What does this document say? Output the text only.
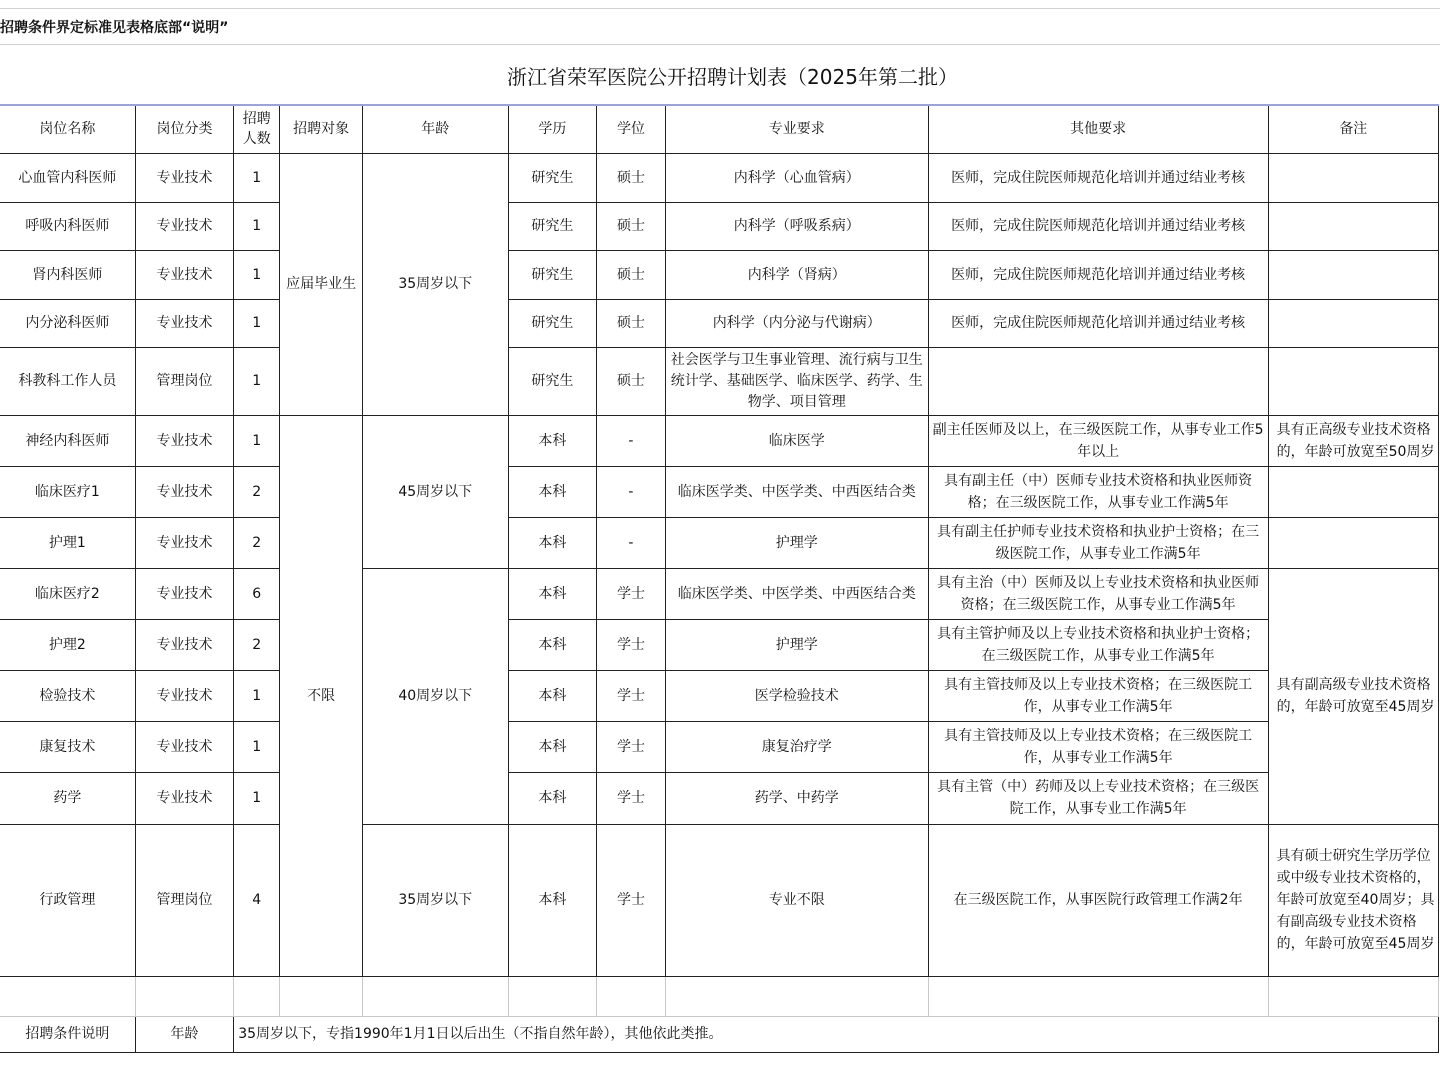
招聘条件界定标准见表格底部“说明”
浙江省荣军医院公开招聘计划表（2025年第二批）
岗位名称	岗位分类	招聘人数	招聘对象	年龄	学历	学位	专业要求	其他要求	备注
心血管内科医师	专业技术	1	应届毕业生	35周岁以下	研究生	硕士	内科学（心血管病）	医师，完成住院医师规范化培训并通过结业考核	
呼吸内科医师	专业技术	1			研究生	硕士	内科学（呼吸系病）	医师，完成住院医师规范化培训并通过结业考核	
肾内科医师	专业技术	1			研究生	硕士	内科学（肾病）	医师，完成住院医师规范化培训并通过结业考核	
内分泌科医师	专业技术	1			研究生	硕士	内科学（内分泌与代谢病）	医师，完成住院医师规范化培训并通过结业考核	
科教科工作人员	管理岗位	1			研究生	硕士	社会医学与卫生事业管理、流行病与卫生统计学、基础医学、临床医学、药学、生物学、项目管理		
神经内科医师	专业技术	1	不限	45周岁以下	本科	-	临床医学	副主任医师及以上，在三级医院工作，从事专业工作5年以上	具有正高级专业技术资格的，年龄可放宽至50周岁
临床医疗1	专业技术	2			本科	-	临床医学类、中医学类、中西医结合类	具有副主任（中）医师专业技术资格和执业医师资格；在三级医院工作，从事专业工作满5年	
护理1	专业技术	2			本科	-	护理学	具有副主任护师专业技术资格和执业护士资格；在三级医院工作，从事专业工作满5年	
临床医疗2	专业技术	6		40周岁以下	本科	学士	临床医学类、中医学类、中西医结合类	具有主治（中）医师及以上专业技术资格和执业医师资格；在三级医院工作，从事专业工作满5年	具有副高级专业技术资格的，年龄可放宽至45周岁
护理2	专业技术	2			本科	学士	护理学	具有主管护师及以上专业技术资格和执业护士资格；在三级医院工作，从事专业工作满5年	
检验技术	专业技术	1			本科	学士	医学检验技术	具有主管技师及以上专业技术资格；在三级医院工作，从事专业工作满5年	
康复技术	专业技术	1			本科	学士	康复治疗学	具有主管技师及以上专业技术资格；在三级医院工作，从事专业工作满5年	
药学	专业技术	1			本科	学士	药学、中药学	具有主管（中）药师及以上专业技术资格；在三级医院工作，从事专业工作满5年	
行政管理	管理岗位	4		35周岁以下	本科	学士	专业不限	在三级医院工作，从事医院行政管理工作满2年	具有硕士研究生学历学位或中级专业技术资格的，年龄可放宽至40周岁；具有副高级专业技术资格的，年龄可放宽至45周岁

招聘条件说明	年龄	35周岁以下，专指1990年1月1日以后出生（不指自然年龄），其他依此类推。							
